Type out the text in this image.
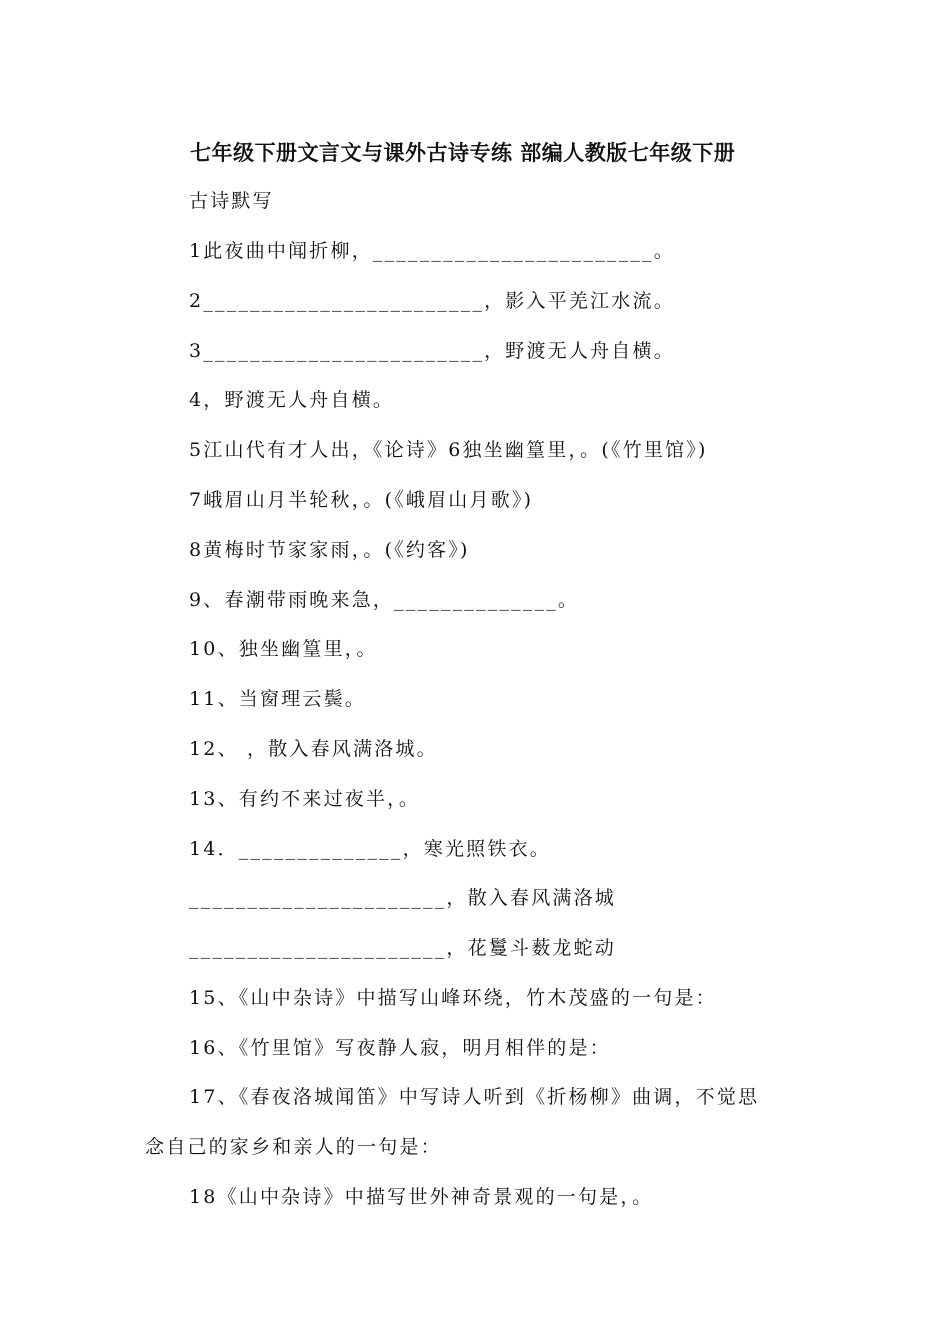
七年级下册文言文与课外古诗专练 部编人教版七年级下册
古诗默写
1此夜曲中闻折柳，________________________。
2________________________，影入平羌江水流。
3________________________，野渡无人舟自横。
4，野渡无人舟自横。
5江山代有才人出，《论诗》6独坐幽篁里，。(《竹里馆》)
7峨眉山月半轮秋，。(《峨眉山月歌》)
8黄梅时节家家雨，。(《约客》)
9、春潮带雨晚来急，______________。
10、独坐幽篁里，。
11、当窗理云鬓。
12、 ，散入春风满洛城。
13、有约不来过夜半，。
14．______________，寒光照铁衣。
______________________，散入春风满洛城
______________________，花鬘斗薮龙蛇动
15、《山中杂诗》中描写山峰环绕，竹木茂盛的一句是：
16、《竹里馆》写夜静人寂，明月相伴的是：
17、《春夜洛城闻笛》中写诗人听到《折杨柳》曲调，不觉思
念自己的家乡和亲人的一句是：
18《山中杂诗》中描写世外神奇景观的一句是，。
